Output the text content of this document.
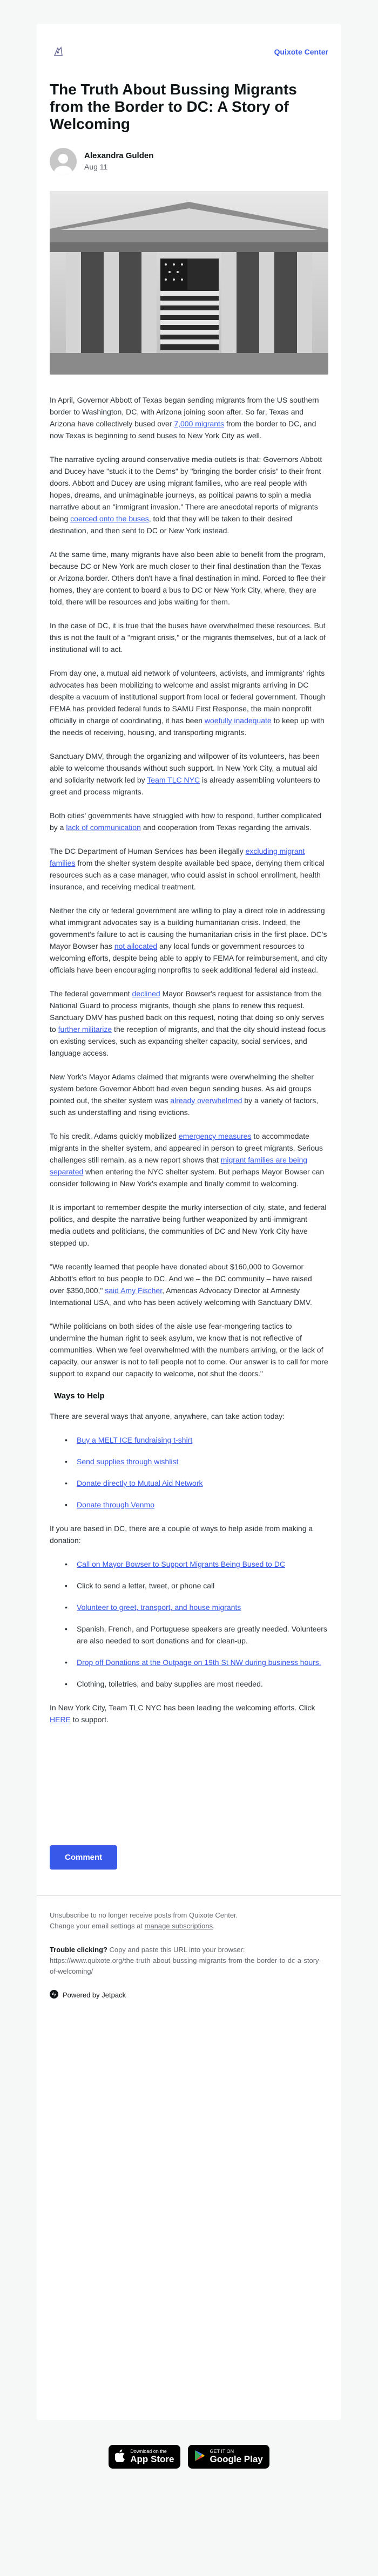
Quixote Center
The Truth About Bussing Migrants from the Border to DC: A Story of Welcoming
Alexandra Gulden
Aug 11

In April, Governor Abbott of Texas began sending migrants from the US southern border to Washington, DC, with Arizona joining soon after. So far, Texas and Arizona have collectively bused over 7,000 migrants from the border to DC, and now Texas is beginning to send buses to New York City as well.

The narrative cycling around conservative media outlets is that: Governors Abbott and Ducey have "stuck it to the Dems" by "bringing the border crisis" to their front doors. Abbott and Ducey are using migrant families, who are real people with hopes, dreams, and unimaginable journeys, as political pawns to spin a media narrative about an "immigrant invasion." There are anecdotal reports of migrants being coerced onto the buses, told that they will be taken to their desired destination, and then sent to DC or New York instead.

At the same time, many migrants have also been able to benefit from the program, because DC or New York are much closer to their final destination than the Texas or Arizona border. Others don't have a final destination in mind. Forced to flee their homes, they are content to board a bus to DC or New York City, where, they are told, there will be resources and jobs waiting for them.

In the case of DC, it is true that the buses have overwhelmed these resources. But this is not the fault of a "migrant crisis," or the migrants themselves, but of a lack of institutional will to act.

From day one, a mutual aid network of volunteers, activists, and immigrants' rights advocates has been mobilizing to welcome and assist migrants arriving in DC despite a vacuum of institutional support from local or federal government. Though FEMA has provided federal funds to SAMU First Response, the main nonprofit officially in charge of coordinating, it has been woefully inadequate to keep up with the needs of receiving, housing, and transporting migrants.

Sanctuary DMV, through the organizing and willpower of its volunteers, has been able to welcome thousands without such support. In New York City, a mutual aid and solidarity network led by Team TLC NYC is already assembling volunteers to greet and process migrants.

Both cities' governments have struggled with how to respond, further complicated by a lack of communication and cooperation from Texas regarding the arrivals.

The DC Department of Human Services has been illegally excluding migrant families from the shelter system despite available bed space, denying them critical resources such as a case manager, who could assist in school enrollment, health insurance, and receiving medical treatment.

Neither the city or federal government are willing to play a direct role in addressing what immigrant advocates say is a building humanitarian crisis. Indeed, the government's failure to act is causing the humanitarian crisis in the first place. DC's Mayor Bowser has not allocated any local funds or government resources to welcoming efforts, despite being able to apply to FEMA for reimbursement, and city officials have been encouraging nonprofits to seek additional federal aid instead.

The federal government declined Mayor Bowser's request for assistance from the National Guard to process migrants, though she plans to renew this request. Sanctuary DMV has pushed back on this request, noting that doing so only serves to further militarize the reception of migrants, and that the city should instead focus on existing services, such as expanding shelter capacity, social services, and language access.

New York's Mayor Adams claimed that migrants were overwhelming the shelter system before Governor Abbott had even begun sending buses. As aid groups pointed out, the shelter system was already overwhelmed by a variety of factors, such as understaffing and rising evictions.

To his credit, Adams quickly mobilized emergency measures to accommodate migrants in the shelter system, and appeared in person to greet migrants. Serious challenges still remain, as a new report shows that migrant families are being separated when entering the NYC shelter system. But perhaps Mayor Bowser can consider following in New York's example and finally commit to welcoming.

It is important to remember despite the murky intersection of city, state, and federal politics, and despite the narrative being further weaponized by anti-immigrant media outlets and politicians, the communities of DC and New York City have stepped up.

"We recently learned that people have donated about $160,000 to Governor Abbott's effort to bus people to DC. And we – the DC community – have raised over $350,000," said Amy Fischer, Americas Advocacy Director at Amnesty International USA, and who has been actively welcoming with Sanctuary DMV.

"While politicians on both sides of the aisle use fear-mongering tactics to undermine the human right to seek asylum, we know that is not reflective of communities. When we feel overwhelmed with the numbers arriving, or the lack of capacity, our answer is not to tell people not to come. Our answer is to call for more support to expand our capacity to welcome, not shut the doors."

Ways to Help

There are several ways that anyone, anywhere, can take action today:

• Buy a MELT ICE fundraising t-shirt
• Send supplies through wishlist
• Donate directly to Mutual Aid Network
• Donate through Venmo

If you are based in DC, there are a couple of ways to help aside from making a donation:

• Call on Mayor Bowser to Support Migrants Being Bused to DC
• Click to send a letter, tweet, or phone call
• Volunteer to greet, transport, and house migrants
• Spanish, French, and Portuguese speakers are greatly needed. Volunteers are also needed to sort donations and for clean-up.
• Drop off Donations at the Outpage on 19th St NW during business hours.
• Clothing, toiletries, and baby supplies are most needed.

In New York City, Team TLC NYC has been leading the welcoming efforts. Click HERE to support.

Comment

Unsubscribe to no longer receive posts from Quixote Center.
Change your email settings at manage subscriptions.

Trouble clicking? Copy and paste this URL into your browser: https://www.quixote.org/the-truth-about-bussing-migrants-from-the-border-to-dc-a-story-of-welcoming/

Powered by Jetpack
Download on the
App Store
GET IT ON
Google Play
